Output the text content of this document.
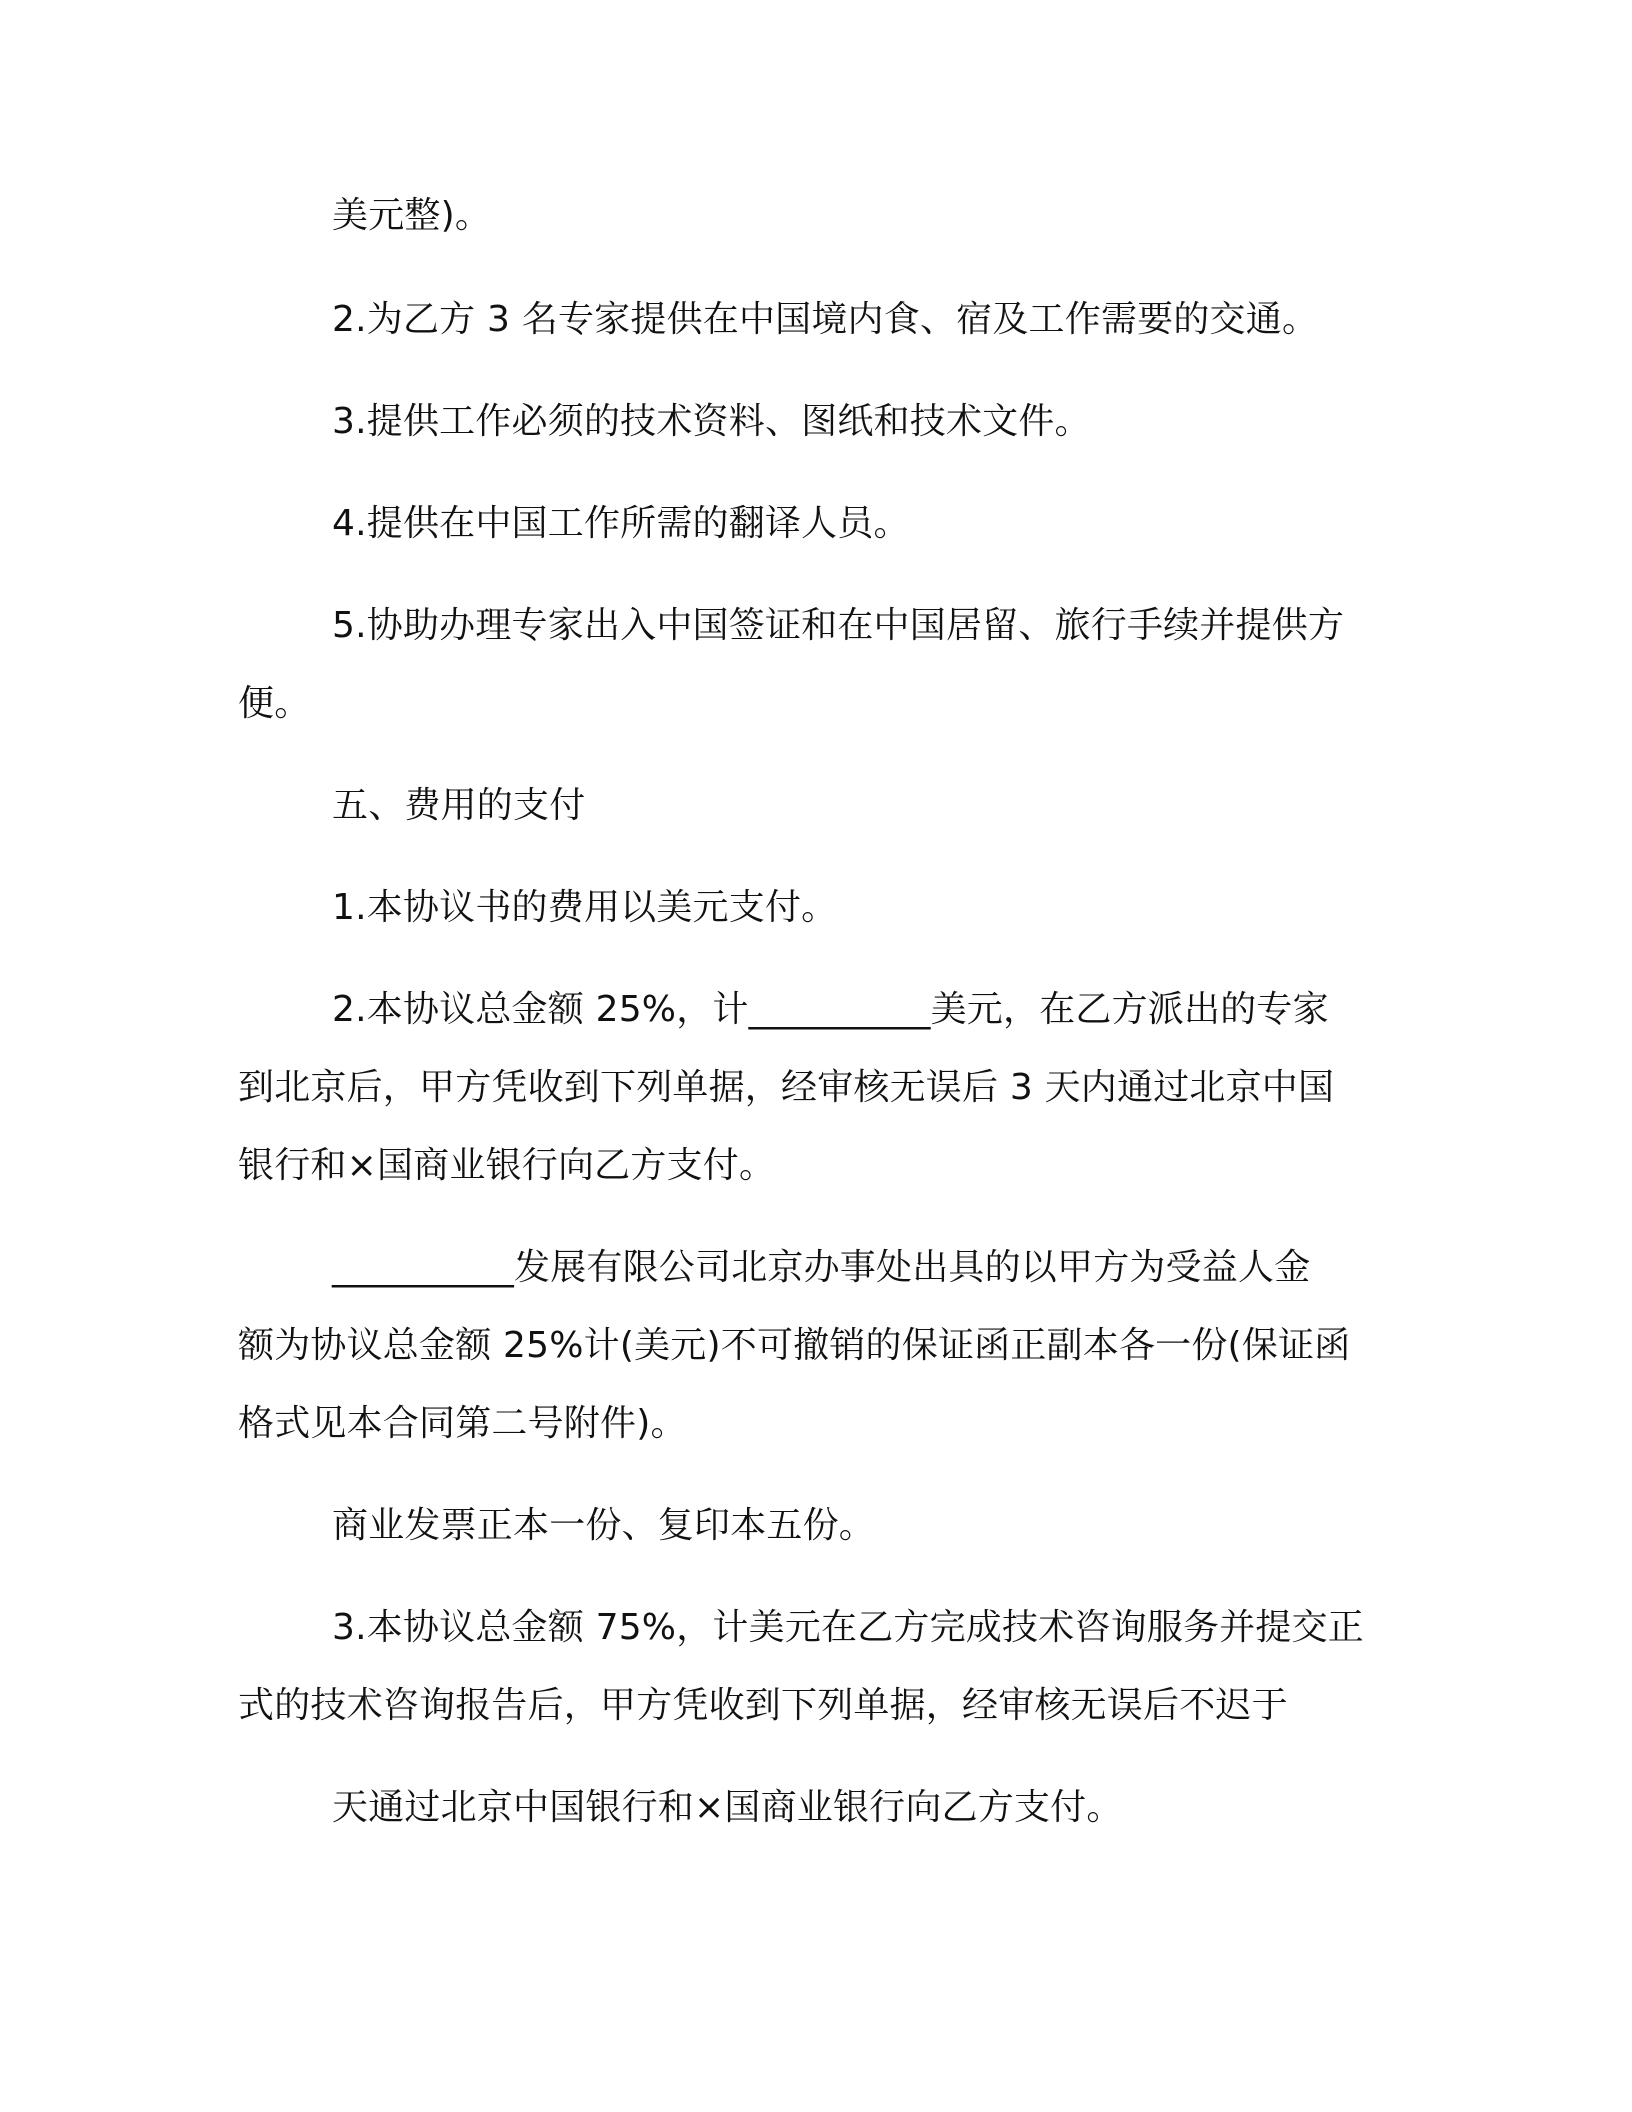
美元整)。
2.为乙方 3 名专家提供在中国境内食、宿及工作需要的交通。
3.提供工作必须的技术资料、图纸和技术文件。
4.提供在中国工作所需的翻译人员。
5.协助办理专家出入中国签证和在中国居留、旅行手续并提供方
便。
五、费用的支付
1.本协议书的费用以美元支付。
2.本协议总金额 25%，计__________美元，在乙方派出的专家
到北京后，甲方凭收到下列单据，经审核无误后 3 天内通过北京中国
银行和×国商业银行向乙方支付。
__________发展有限公司北京办事处出具的以甲方为受益人金
额为协议总金额 25%计(美元)不可撤销的保证函正副本各一份(保证函
格式见本合同第二号附件)。
商业发票正本一份、复印本五份。
3.本协议总金额 75%，计美元在乙方完成技术咨询服务并提交正
式的技术咨询报告后，甲方凭收到下列单据，经审核无误后不迟于
天通过北京中国银行和×国商业银行向乙方支付。
